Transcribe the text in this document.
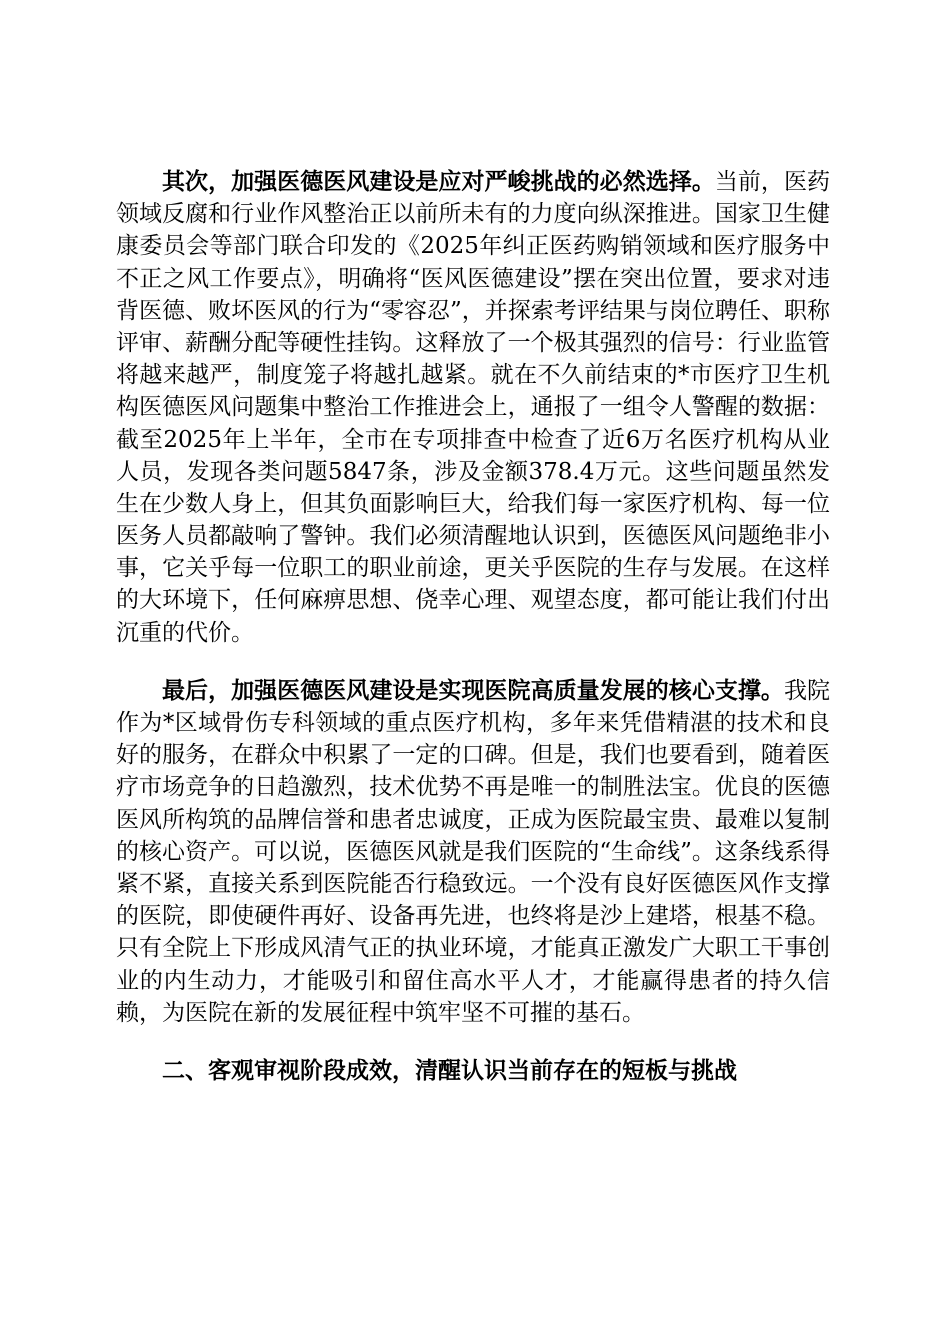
其次，加强医德医风建设是应对严峻挑战的必然选择。当前，医药领域反腐和行业作风整治正以前所未有的力度向纵深推进。国家卫生健康委员会等部门联合印发的《2025年纠正医药购销领域和医疗服务中不正之风工作要点》，明确将“医风医德建设”摆在突出位置，要求对违背医德、败坏医风的行为“零容忍”，并探索考评结果与岗位聘任、职称评审、薪酬分配等硬性挂钩。这释放了一个极其强烈的信号：行业监管将越来越严，制度笼子将越扎越紧。就在不久前结束的*市医疗卫生机构医德医风问题集中整治工作推进会上，通报了一组令人警醒的数据：截至2025年上半年，全市在专项排查中检查了近6万名医疗机构从业人员，发现各类问题5847条，涉及金额378.4万元。这些问题虽然发生在少数人身上，但其负面影响巨大，给我们每一家医疗机构、每一位医务人员都敲响了警钟。我们必须清醒地认识到，医德医风问题绝非小事，它关乎每一位职工的职业前途，更关乎医院的生存与发展。在这样的大环境下，任何麻痹思想、侥幸心理、观望态度，都可能让我们付出沉重的代价。

最后，加强医德医风建设是实现医院高质量发展的核心支撑。我院作为*区域骨伤专科领域的重点医疗机构，多年来凭借精湛的技术和良好的服务，在群众中积累了一定的口碑。但是，我们也要看到，随着医疗市场竞争的日趋激烈，技术优势不再是唯一的制胜法宝。优良的医德医风所构筑的品牌信誉和患者忠诚度，正成为医院最宝贵、最难以复制的核心资产。可以说，医德医风就是我们医院的“生命线”。这条线系得紧不紧，直接关系到医院能否行稳致远。一个没有良好医德医风作支撑的医院，即使硬件再好、设备再先进，也终将是沙上建塔，根基不稳。只有全院上下形成风清气正的执业环境，才能真正激发广大职工干事创业的内生动力，才能吸引和留住高水平人才，才能赢得患者的持久信赖，为医院在新的发展征程中筑牢坚不可摧的基石。

二、客观审视阶段成效，清醒认识当前存在的短板与挑战
